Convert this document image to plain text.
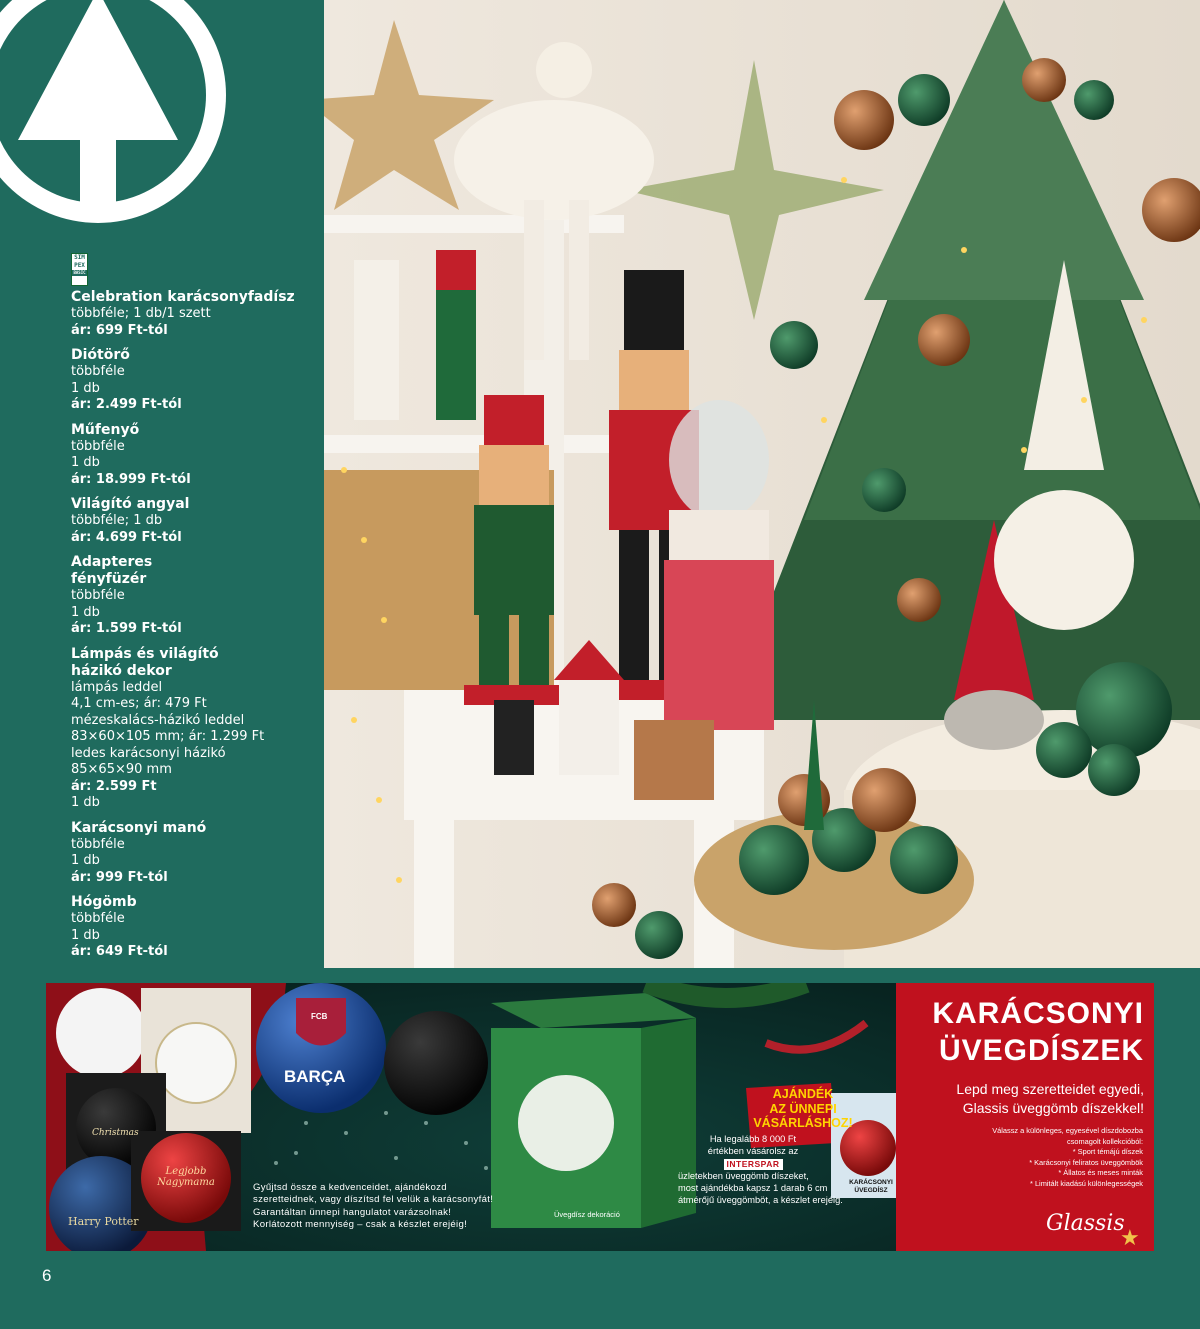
SIM
PEX
BASIC
Celebration karácsonyfadísz
többféle; 1 db/1 szett
ár: 699 Ft-tól
Diótörő
többféle
1 db
ár: 2.499 Ft-tól
Műfenyő
többféle
1 db
ár: 18.999 Ft-tól
Világító angyal
többféle; 1 db
ár: 4.699 Ft-tól
Adapteres fényfüzér
többféle
1 db
ár: 1.599 Ft-tól
Lámpás és világító házikó dekor
lámpás leddel
4,1 cm-es; ár: 479 Ft
mézeskalács-házikó leddel
83×60×105 mm; ár: 1.299 Ft
ledes karácsonyi házikó
85×65×90 mm
ár: 2.599 Ft
1 db
Karácsonyi manó
többféle
1 db
ár: 999 Ft-tól
Hógömb
többféle
1 db
ár: 649 Ft-tól
KARÁCSONYI
ÜVEGDÍSZEK
Lepd meg szeretteidet egyedi,
Glassis üveggömb díszekkel!
Válassz a különleges, egyesével díszdobozba
csomagolt kollekcióból:
* Sport témájú díszek
* Karácsonyi feliratos üveggömbök
* Állatos és meses minták
* Limitált kiadású különlegességek
Gyűjtsd össze a kedvenceidet, ajándékozd
szeretteidnek, vagy díszítsd fel velük a karácsonyfát!
Garantáltan ünnepi hangulatot varázsolnak!
Korlátozott mennyiség – csak a készlet erejéig!
AJÁNDÉK
AZ ÜNNEPI
VÁSÁRLÁSHOZ!
Ha legalább 8 000 Ft
értékben vásárolsz az
INTERSPAR
üzletekben üveggömb díszeket,
most ajándékba kapsz 1 darab 6 cm
átmérőjű üveggömböt, a készlet erejéig.
BARÇA
FCB
Üvegdísz dekoráció
KARÁCSONYI
ÜVEGDÍSZ
Harry Potter
Legjobb
Nagymama
Christmas
Glassis
★
6
